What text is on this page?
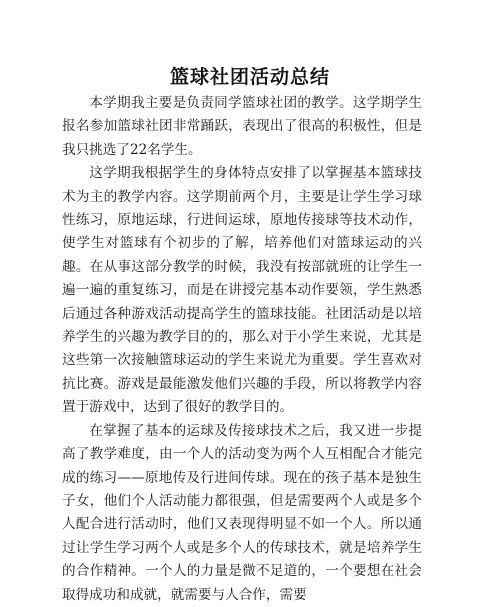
篮球社团活动总结

本学期我主要是负责同学篮球社团的教学。这学期学生报名参加篮球社团非常踊跃，表现出了很高的积极性，但是我只挑选了22名学生。

这学期我根据学生的身体特点安排了以掌握基本篮球技术为主的教学内容。这学期前两个月，主要是让学生学习球性练习，原地运球，行进间运球，原地传接球等技术动作，使学生对篮球有个初步的了解，培养他们对篮球运动的兴趣。在从事这部分教学的时候，我没有按部就班的让学生一遍一遍的重复练习，而是在讲授完基本动作要领，学生熟悉后通过各种游戏活动提高学生的篮球技能。社团活动是以培养学生的兴趣为教学目的的，那么对于小学生来说，尤其是这些第一次接触篮球运动的学生来说尤为重要。学生喜欢对抗比赛。游戏是最能激发他们兴趣的手段，所以将教学内容置于游戏中，达到了很好的教学目的。

在掌握了基本的运球及传接球技术之后，我又进一步提高了教学难度，由一个人的活动变为两个人互相配合才能完成的练习——原地传及行进间传球。现在的孩子基本是独生子女，他们个人活动能力都很强，但是需要两个人或是多个人配合进行活动时，他们又表现得明显不如一个人。所以通过让学生学习两个人或是多个人的传球技术，就是培养学生的合作精神。一个人的力量是微不足道的，一个要想在社会取得成功和成就，就需要与人合作，需要
